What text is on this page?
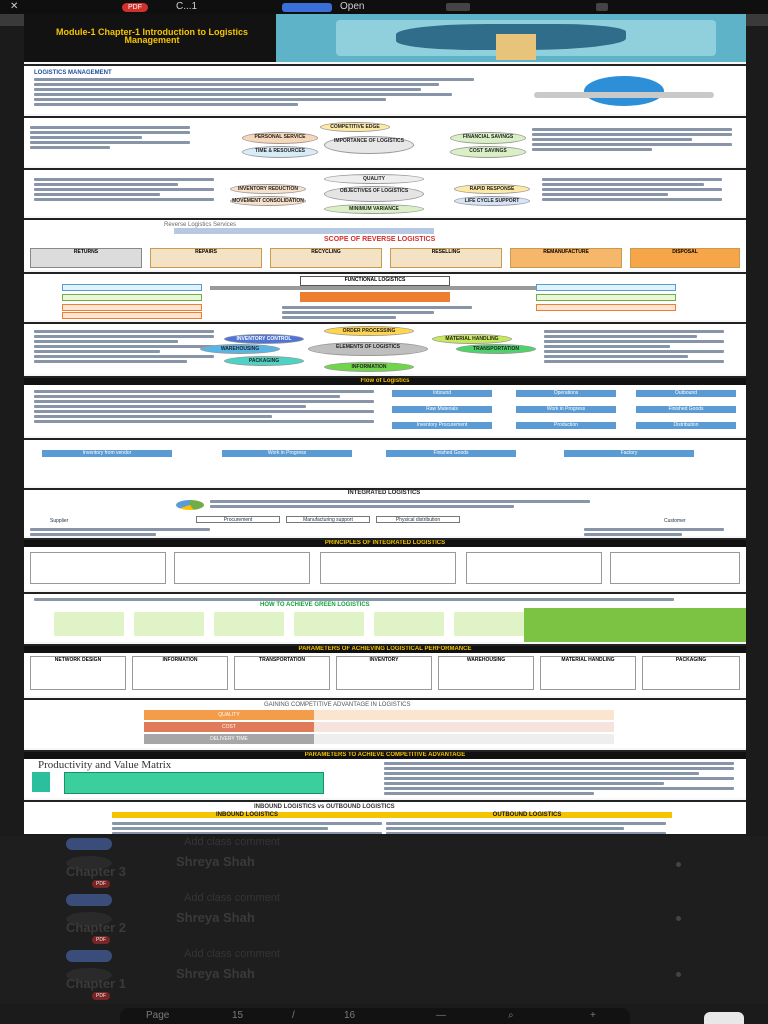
✕	PDF	C...1	Open
Module-1 Chapter-1 Introduction to Logistics Management
LOGISTICS MANAGEMENT
COMPETITIVE EDGE
PERSONAL SERVICE
IMPORTANCE OF LOGISTICS
FINANCIAL SAVINGS
TIME & RESOURCES	COST SAVINGS
QUALITY
INVENTORY REDUCTION	OBJECTIVES OF LOGISTICS	RAPID RESPONSE
MOVEMENT CONSOLIDATION	LIFE CYCLE SUPPORT
MINIMUM VARIANCE
Reverse Logistics Services
SCOPE OF REVERSE LOGISTICS
RETURNS	REPAIRS	RECYCLING	RESELLING	REMANUFACTURE	DISPOSAL
FUNCTIONAL LOGISTICS
ORDER PROCESSING
INVENTORY CONTROL	MATERIAL HANDLING
ELEMENTS OF LOGISTICS
WAREHOUSING	TRANSPORTATION
PACKAGING
INFORMATION
Flow of Logistics
Inbound	Operations	Outbound
Raw Materials	Work in Progress	Finished Goods
Inventory Procurement	Production	Distribution
Inventory from vendor	Work in Progress	Finished Goods	Factory
INTEGRATED LOGISTICS
Supplier	Procurement	Manufacturing support	Physical distribution	Customer
PRINCIPLES OF INTEGRATED LOGISTICS
HOW TO ACHIEVE GREEN LOGISTICS
PARAMETERS OF ACHIEVING LOGISTICAL PERFORMANCE
NETWORK DESIGN	INFORMATION	TRANSPORTATION	INVENTORY	WAREHOUSING	MATERIAL HANDLING	PACKAGING
GAINING COMPETITIVE ADVANTAGE IN LOGISTICS
QUALITY
COST
DELIVERY TIME
PARAMETERS TO ACHIEVE COMPETITIVE ADVANTAGE
Productivity and Value Matrix
INBOUND LOGISTICS vs OUTBOUND LOGISTICS
INBOUND LOGISTICS	OUTBOUND LOGISTICS
Add class comment
Shreya Shah
Chapter 3
PDF
Add class comment
Shreya Shah
Chapter 2
PDF
Add class comment
Shreya Shah
Chapter 1
PDF
Page	15	/	16	—	⌕	+
